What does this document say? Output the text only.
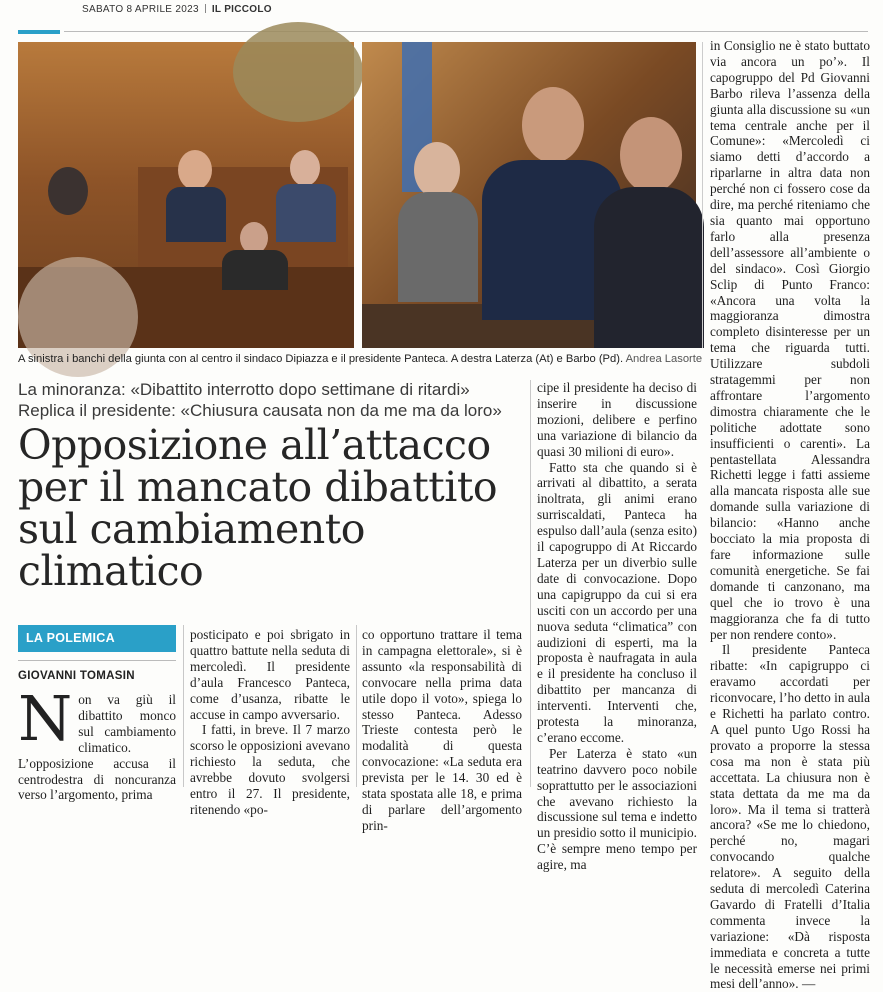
SABATO 8 APRILE 2023 IL PICCOLO
A sinistra i banchi della giunta con al centro il sindaco Dipiazza e il presidente Panteca. A destra Laterza (At) e Barbo (Pd). Andrea Lasorte
La minoranza: «Dibattito interrotto dopo settimane di ritardi»
Replica il presidente: «Chiusura causata non da me ma da loro»
Opposizione all’attacco
per il mancato dibattito
sul cambiamento climatico
LA POLEMICA
GIOVANNI TOMASIN
Non va giù il dibattito monco sul cambiamento climatico. L’opposizione accusa il centrodestra di noncuranza verso l’argomento, prima

posticipato e poi sbrigato in quattro battute nella seduta di mercoledì. Il presidente d’aula Francesco Panteca, come d’usanza, ribatte le accuse in campo avversario.

I fatti, in breve. Il 7 marzo scorso le opposizioni avevano richiesto la seduta, che avrebbe dovuto svolgersi entro il 27. Il presidente, ritenendo «po-

co opportuno trattare il tema in campagna elettorale», si è assunto «la responsabilità di convocare nella prima data utile dopo il voto», spiega lo stesso Panteca. Adesso Trieste contesta però le modalità di questa convocazione: «La seduta era prevista per le 14. 30 ed è stata spostata alle 18, e prima di parlare dell’argomento prin-

cipe il presidente ha deciso di inserire in discussione mozioni, delibere e perfino una variazione di bilancio da quasi 30 milioni di euro».

Fatto sta che quando si è arrivati al dibattito, a serata inoltrata, gli animi erano surriscaldati, Panteca ha espulso dall’aula (senza esito) il capogruppo di At Riccardo Laterza per un diverbio sulle date di convocazione. Dopo una capigruppo da cui si era usciti con un accordo per una nuova seduta “climatica” con audizioni di esperti, ma la proposta è naufragata in aula e il presidente ha concluso il dibattito per mancanza di interventi. Interventi che, protesta la minoranza, c’erano eccome.

Per Laterza è stato «un teatrino davvero poco nobile soprattutto per le associazioni che avevano richiesto la discussione sul tema e indetto un presidio sotto il municipio. C’è sempre meno tempo per agire, ma

in Consiglio ne è stato buttato via ancora un po’». Il capogruppo del Pd Giovanni Barbo rileva l’assenza della giunta alla discussione su «un tema centrale anche per il Comune»: «Mercoledì ci siamo detti d’accordo a riparlarne in altra data non perché non ci fossero cose da dire, ma perché riteniamo che sia quanto mai opportuno farlo alla presenza dell’assessore all’ambiente o del sindaco». Così Giorgio Sclip di Punto Franco: «Ancora una volta la maggioranza dimostra completo disinteresse per un tema che riguarda tutti. Utilizzare subdoli stratagemmi per non affrontare l’argomento dimostra chiaramente che le politiche adottate sono insufficienti o carenti». La pentastellata Alessandra Richetti legge i fatti assieme alla mancata risposta alle sue domande sulla variazione di bilancio: «Hanno anche bocciato la mia proposta di fare informazione sulle comunità energetiche. Se fai domande ti canzonano, ma quel che io trovo è una maggioranza che fa di tutto per non rendere conto».

Il presidente Panteca ribatte: «In capigruppo ci eravamo accordati per riconvocare, l’ho detto in aula e Richetti ha parlato contro. A quel punto Ugo Rossi ha provato a proporre la stessa cosa ma non è stata più accettata. La chiusura non è stata dettata da me ma da loro». Ma il tema si tratterà ancora? «Se me lo chiedono, perché no, magari convocando qualche relatore». A seguito della seduta di mercoledì Caterina Gavardo di Fratelli d’Italia commenta invece la variazione: «Dà risposta immediata e concreta a tutte le necessità emerse nei primi mesi dell’anno». —
